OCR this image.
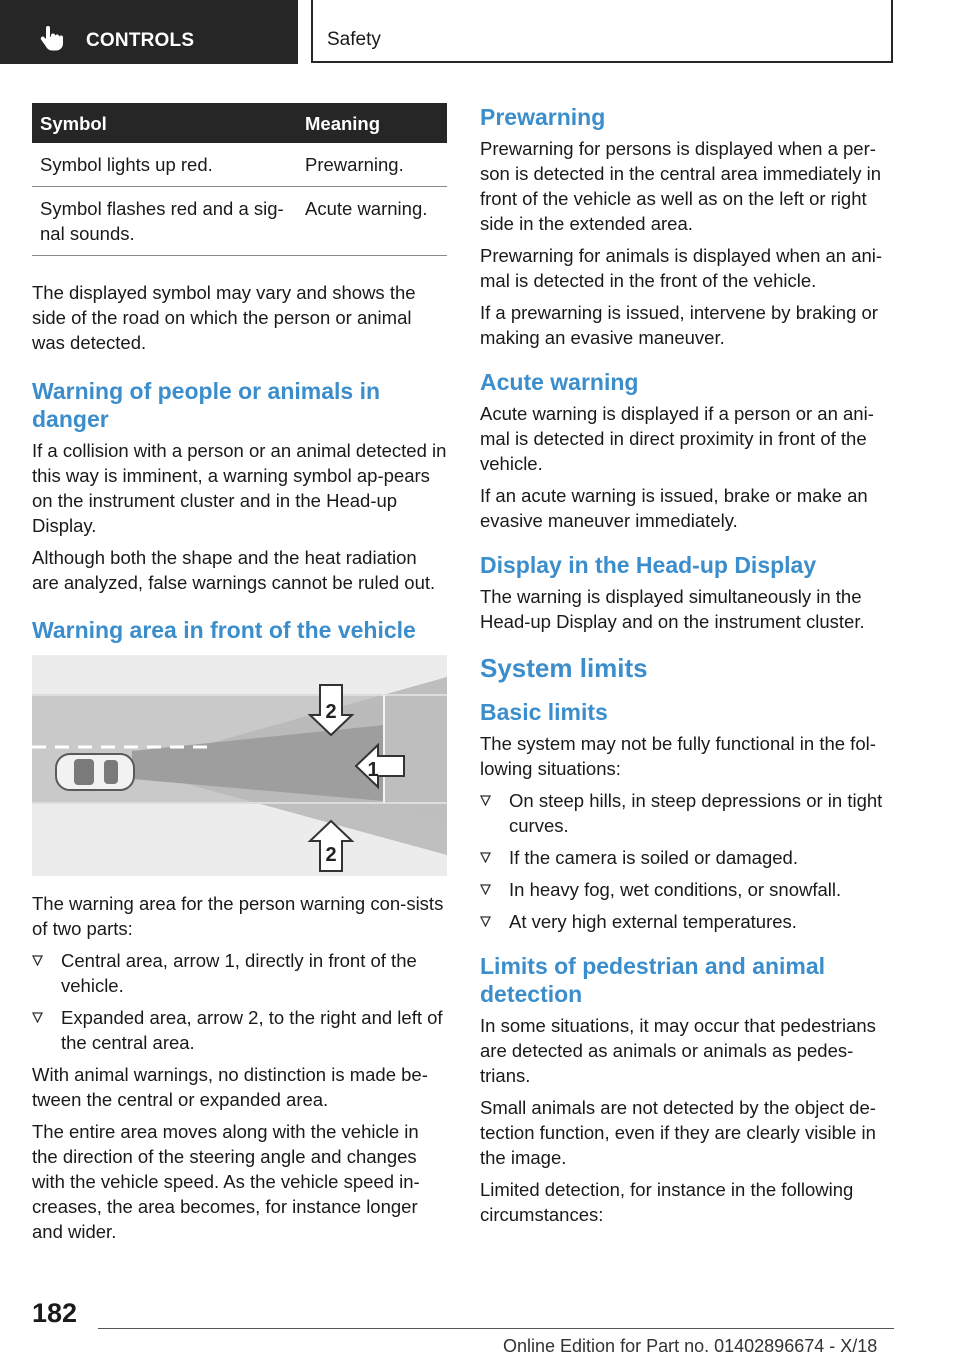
CONTROLS	Safety
Symbol	Meaning
Symbol lights up red.	Prewarning.
Symbol flashes red and a sig‐nal sounds.	Acute warning.

The displayed symbol may vary and shows the side of the road on which the person or animal was detected.

Warning of people or animals in danger

If a collision with a person or an animal detected in this way is imminent, a warning symbol ap‐pears on the instrument cluster and in the Head-up Display.

Although both the shape and the heat radiation are analyzed, false warnings cannot be ruled out.

Warning area in front of the vehicle
2
1
2

The warning area for the person warning con‐sists of two parts:

Central area, arrow 1, directly in front of the vehicle.
Expanded area, arrow 2, to the right and left of the central area.

With animal warnings, no distinction is made be‐tween the central or expanded area.

The entire area moves along with the vehicle in the direction of the steering angle and changes with the vehicle speed. As the vehicle speed in‐creases, the area becomes, for instance longer and wider.

Prewarning

Prewarning for persons is displayed when a per‐son is detected in the central area immediately in front of the vehicle as well as on the left or right side in the extended area.

Prewarning for animals is displayed when an ani‐mal is detected in the front of the vehicle.

If a prewarning is issued, intervene by braking or making an evasive maneuver.

Acute warning

Acute warning is displayed if a person or an ani‐mal is detected in direct proximity in front of the vehicle.

If an acute warning is issued, brake or make an evasive maneuver immediately.

Display in the Head-up Display

The warning is displayed simultaneously in the Head-up Display and on the instrument cluster.

System limits
Basic limits

The system may not be fully functional in the fol‐lowing situations:

On steep hills, in steep depressions or in tight curves.
If the camera is soiled or damaged.
In heavy fog, wet conditions, or snowfall.
At very high external temperatures.
Limits of pedestrian and animal detection

In some situations, it may occur that pedestrians are detected as animals or animals as pedes‐trians.

Small animals are not detected by the object de‐tection function, even if they are clearly visible in the image.

Limited detection, for instance in the following circumstances:

182
Online Edition for Part no. 01402896674 - X/18
